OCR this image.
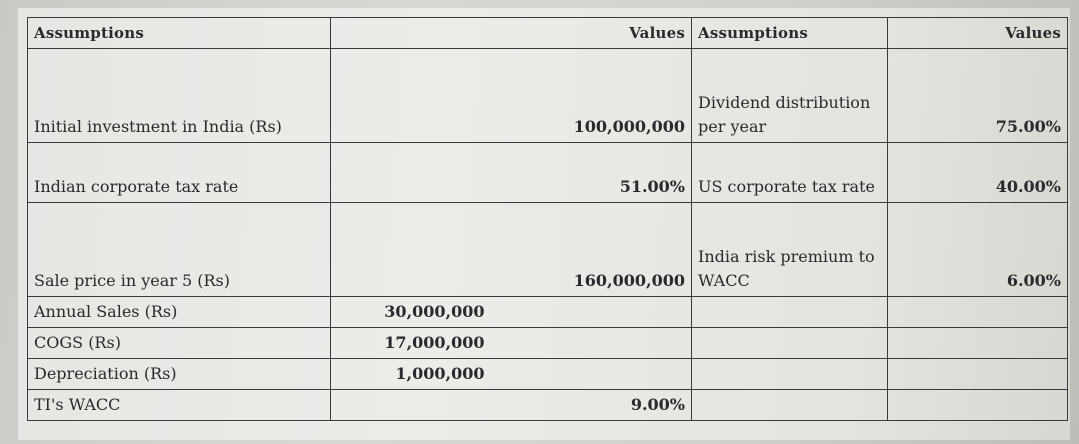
Assumptions	Values		Assumptions	Values
Initial investment in India (Rs)	100,000,000		Dividend distribution per year	75.00%
Indian corporate tax rate	51.00%		US corporate tax rate	40.00%
Sale price in year 5 (Rs)	160,000,000		India risk premium to WACC	6.00%
Annual Sales (Rs)	30,000,000			
COGS (Rs)	17,000,000			
Depreciation (Rs)	1,000,000			
TI's WACC	9.00%			
